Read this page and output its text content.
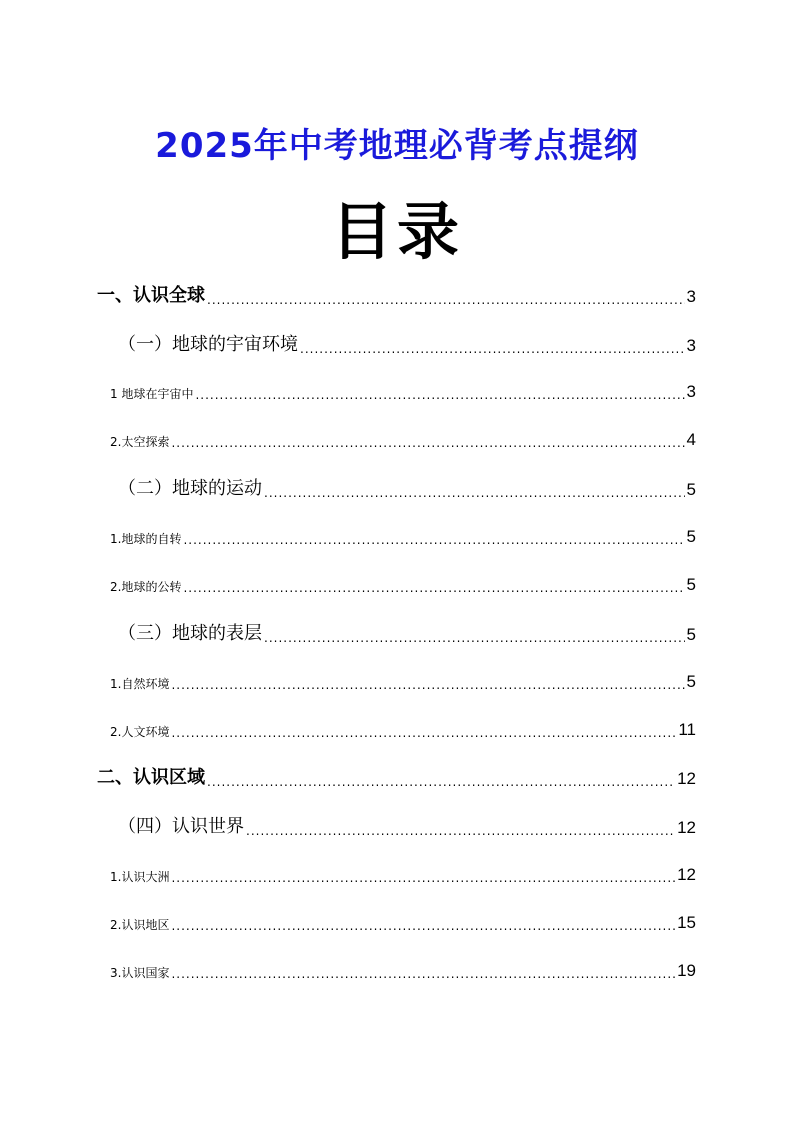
2025年中考地理必背考点提纲
目录
一、认识全球 .....	3
（一）地球的宇宙环境 .....	3
1 地球在宇宙中 .....	3
2.太空探索 .....	4
（二）地球的运动 .....	5
1.地球的自转 .....	5
2.地球的公转 .....	5
（三）地球的表层 .....	5
1.自然环境 .....	5
2.人文环境 .....	11
二、认识区域 .....	12
（四）认识世界 .....	12
1.认识大洲 .....	12
2.认识地区 .....	15
3.认识国家 .....	19
